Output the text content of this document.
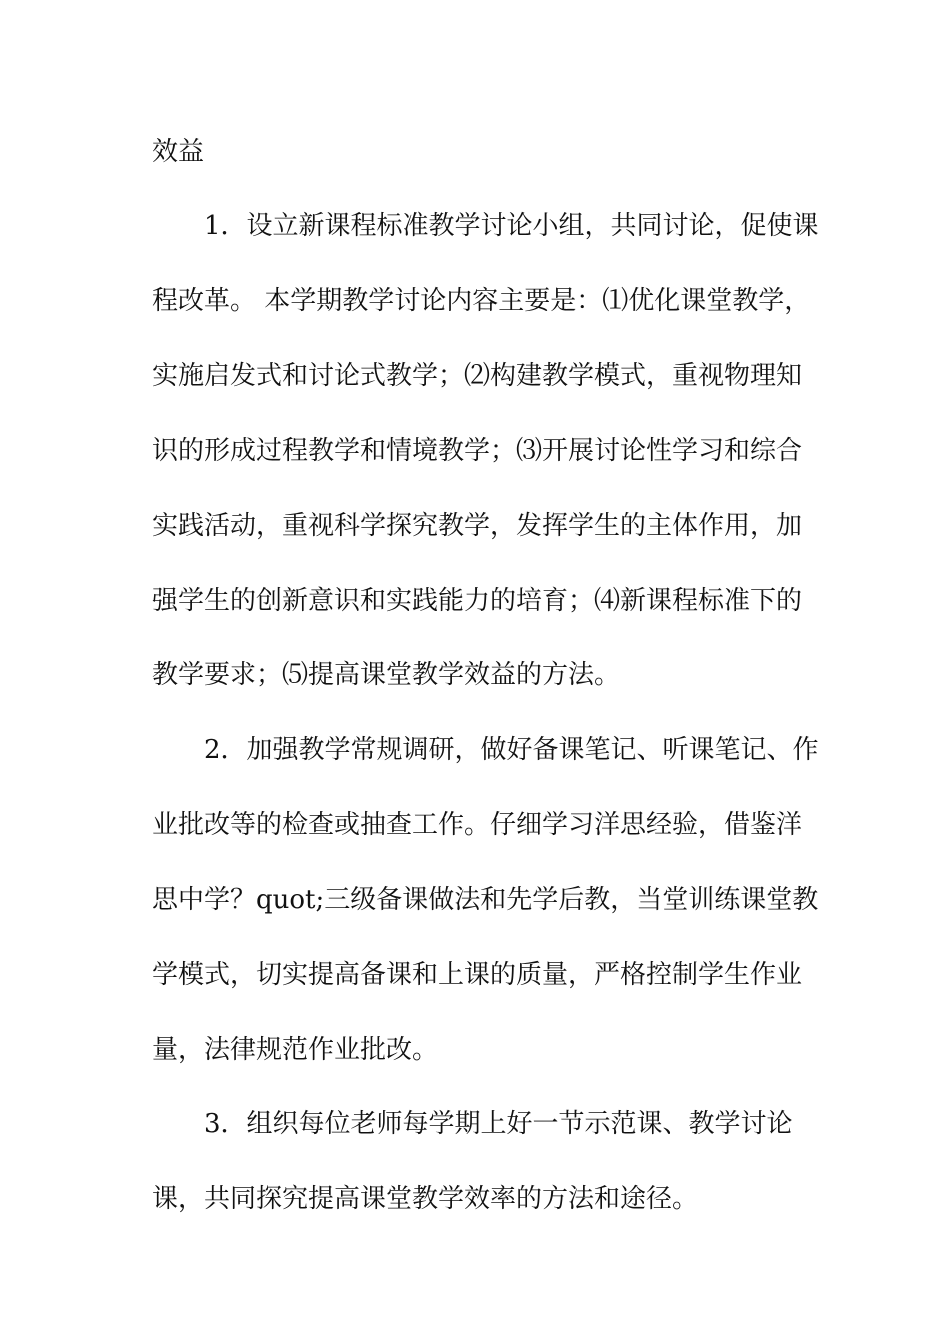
效益
1．设立新课程标准教学讨论小组，共同讨论，促使课
程改革。 本学期教学讨论内容主要是：⑴优化课堂教学，
实施启发式和讨论式教学；⑵构建教学模式，重视物理知
识的形成过程教学和情境教学；⑶开展讨论性学习和综合
实践活动，重视科学探究教学，发挥学生的主体作用，加
强学生的创新意识和实践能力的培育；⑷新课程标准下的
教学要求；⑸提高课堂教学效益的方法。
2．加强教学常规调研，做好备课笔记、听课笔记、作
业批改等的检查或抽查工作。仔细学习洋思经验，借鉴洋
思中学？quot;三级备课做法和先学后教，当堂训练课堂教
学模式，切实提高备课和上课的质量，严格控制学生作业
量，法律规范作业批改。
3．组织每位老师每学期上好一节示范课、教学讨论
课，共同探究提高课堂教学效率的方法和途径。
